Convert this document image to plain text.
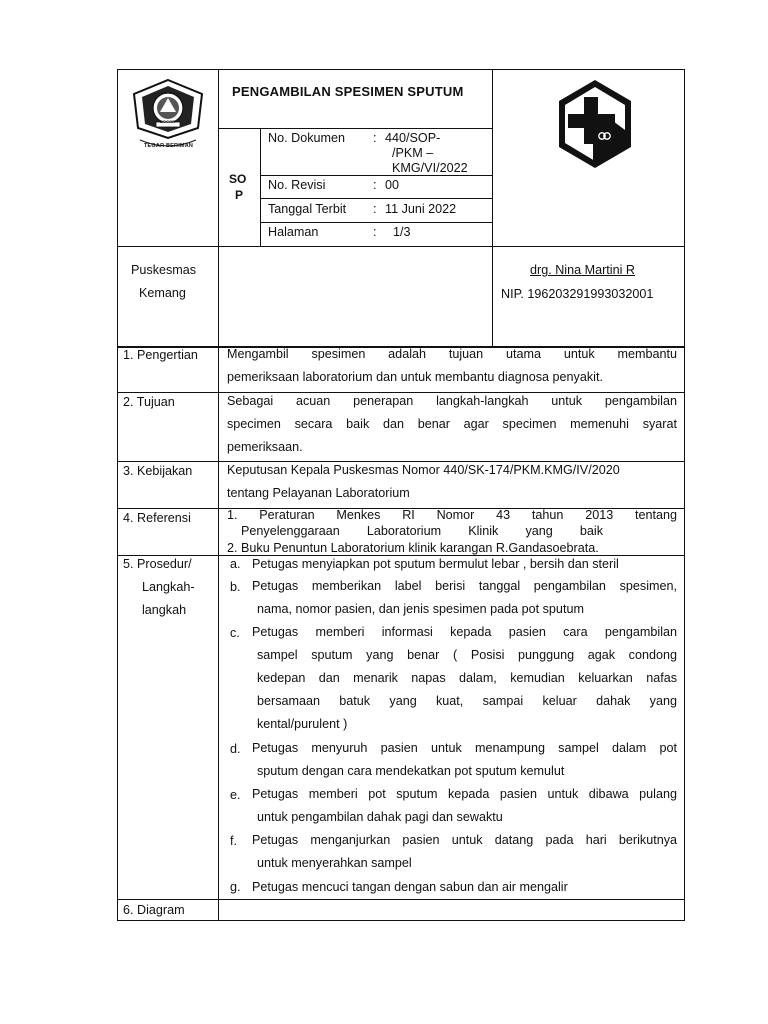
BOGOR
TEGAR BERIMAN
PENGAMBILAN SPESIMEN SPUTUM
SO
P
No. Dokumen : 440/SOP-
/PKM –
KMG/VI/2022
No. Revisi	: 00
Tanggal Terbit : 11 Juni 2022
Halaman	: 1/3
Puskesmas
Kemang
drg. Nina Martini R
NIP. 196203291993032001
1. Pengertian Mengambil spesimen adalah tujuan utama untuk membantu
pemeriksaan laboratorium dan untuk membantu diagnosa penyakit.
2. Tujuan	Sebagai acuan penerapan langkah-langkah untuk pengambilan
specimen secara baik dan benar agar specimen memenuhi syarat
pemeriksaan.
3. Kebijakan	Keputusan Kepala Puskesmas Nomor 440/SK-174/PKM.KMG/IV/2020
tentang Pelayanan Laboratorium
4. Referensi	1. Peraturan Menkes RI Nomor 43 tahun 2013 tentang
Penyelenggaraan Laboratorium Klinik yang baik
2. Buku Penuntun Laboratorium klinik karangan R.Gandasoebrata.
5. Prosedur/
Langkah-
langkah
a. Petugas menyiapkan pot sputum bermulut lebar , bersih dan steril
b. Petugas memberikan label berisi tanggal pengambilan spesimen,
nama, nomor pasien, dan jenis spesimen pada pot sputum
c. Petugas memberi informasi kepada pasien cara pengambilan
sampel sputum yang benar ( Posisi punggung agak condong
kedepan dan menarik napas dalam, kemudian keluarkan nafas
bersamaan batuk yang kuat, sampai keluar dahak yang
kental/purulent )
d. Petugas menyuruh pasien untuk menampung sampel dalam pot
sputum dengan cara mendekatkan pot sputum kemulut
e. Petugas memberi pot sputum kepada pasien untuk dibawa pulang
untuk pengambilan dahak pagi dan sewaktu
f. Petugas menganjurkan pasien untuk datang pada hari berikutnya
untuk menyerahkan sampel
g. Petugas mencuci tangan dengan sabun dan air mengalir
6. Diagram
